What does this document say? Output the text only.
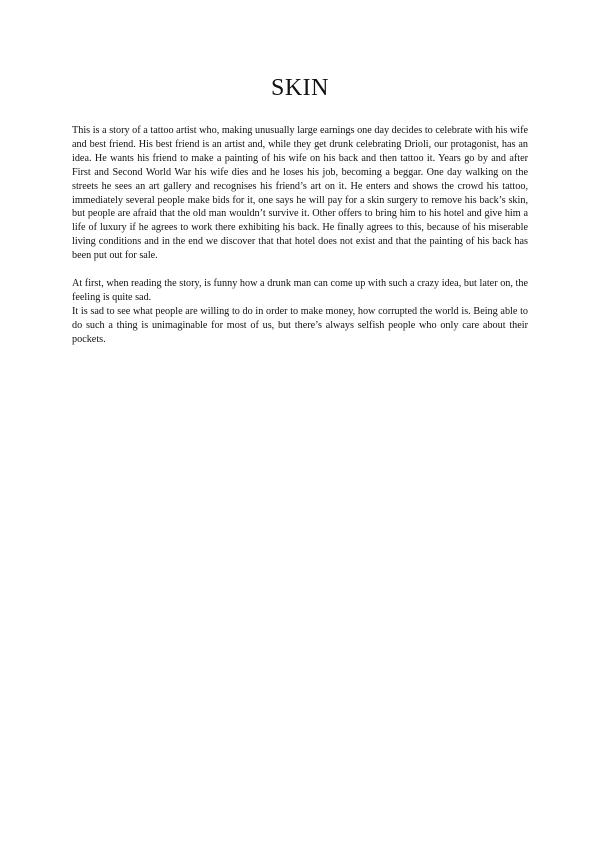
SKIN

This is a story of a tattoo artist who, making unusually large earnings one day decides to celebrate with his wife and best friend. His best friend is an artist and, while they get drunk celebrating Drioli, our protagonist, has an idea. He wants his friend to make a painting of his wife on his back and then tattoo it. Years go by and after First and Second World War his wife dies and he loses his job, becoming a beggar. One day walking on the streets he sees an art gallery and recognises his friend’s art on it. He enters and shows the crowd his tattoo, immediately several people make bids for it, one says he will pay for a skin surgery to remove his back’s skin, but people are afraid that the old man wouldn’t survive it. Other offers to bring him to his hotel and give him a life of luxury if he agrees to work there exhibiting his back. He finally agrees to this, because of his miserable living conditions and in the end we discover that that hotel does not exist and that the painting of his back has been put out for sale.

At first, when reading the story, is funny how a drunk man can come up with such a crazy idea, but later on, the feeling is quite sad.

It is sad to see what people are willing to do in order to make money, how corrupted the world is. Being able to do such a thing is unimaginable for most of us, but there’s always selfish people who only care about their pockets.
